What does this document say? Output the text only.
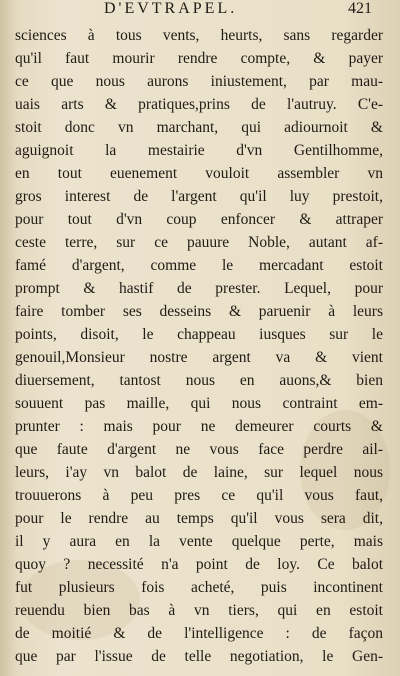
D'EVTRAPEL.	421
sciences à tous vents, heurts, sans regarder
qu'il faut mourir rendre compte, & payer
ce que nous aurons iniustement, par mau-
uais arts & pratiques,prins de l'autruy. C'e-
stoit donc vn marchant, qui adiournoit &
aguignoit la mestairie d'vn Gentilhomme,
en tout euenement vouloit assembler vn
gros interest de l'argent qu'il luy prestoit,
pour tout d'vn coup enfoncer & attraper
ceste terre, sur ce pauure Noble, autant af-
famé d'argent, comme le mercadant estoit
prompt & hastif de prester. Lequel, pour
faire tomber ses desseins & paruenir à leurs
points, disoit, le chappeau iusques sur le
genouil,Monsieur nostre argent va & vient
diuersement, tantost nous en auons,& bien
souuent pas maille, qui nous contraint em-
prunter : mais pour ne demeurer courts &
que faute d'argent ne vous face perdre ail-
leurs, i'ay vn balot de laine, sur lequel nous
trouuerons à peu pres ce qu'il vous faut,
pour le rendre au temps qu'il vous sera dit,
il y aura en la vente quelque perte, mais
quoy ? necessité n'a point de loy. Ce balot
fut plusieurs fois acheté, puis incontinent
reuendu bien bas à vn tiers, qui en estoit
de moitié & de l'intelligence : de façon
que par l'issue de telle negotiation, le Gen-
